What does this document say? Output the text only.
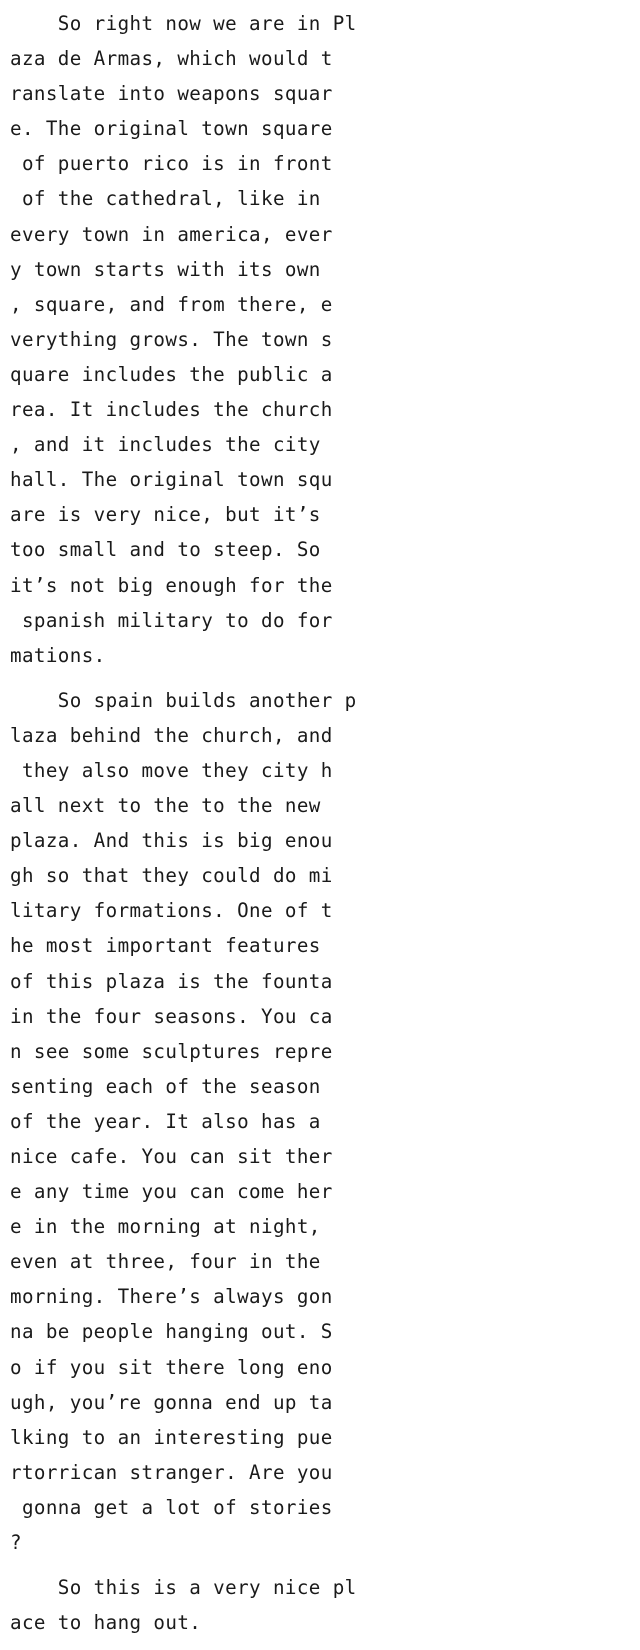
So right now we are in Pl
aza de Armas, which would t
ranslate into weapons squar
e. The original town square
of puerto rico is in front
of the cathedral, like in
every town in america, ever
y town starts with its own
, square, and from there, e
verything grows. The town s
quare includes the public a
rea. It includes the church
, and it includes the city
hall. The original town squ
are is very nice, but it’s
too small and to steep. So
it’s not big enough for the
spanish military to do for
mations.
So spain builds another p
laza behind the church, and
they also move they city h
all next to the to the new
plaza. And this is big enou
gh so that they could do mi
litary formations. One of t
he most important features
of this plaza is the founta
in the four seasons. You ca
n see some sculptures repre
senting each of the season
of the year. It also has a
nice cafe. You can sit ther
e any time you can come her
e in the morning at night,
even at three, four in the
morning. There’s always gon
na be people hanging out. S
o if you sit there long eno
ugh, you’re gonna end up ta
lking to an interesting pue
rtorrican stranger. Are you
gonna get a lot of stories
?
So this is a very nice pl
ace to hang out.
